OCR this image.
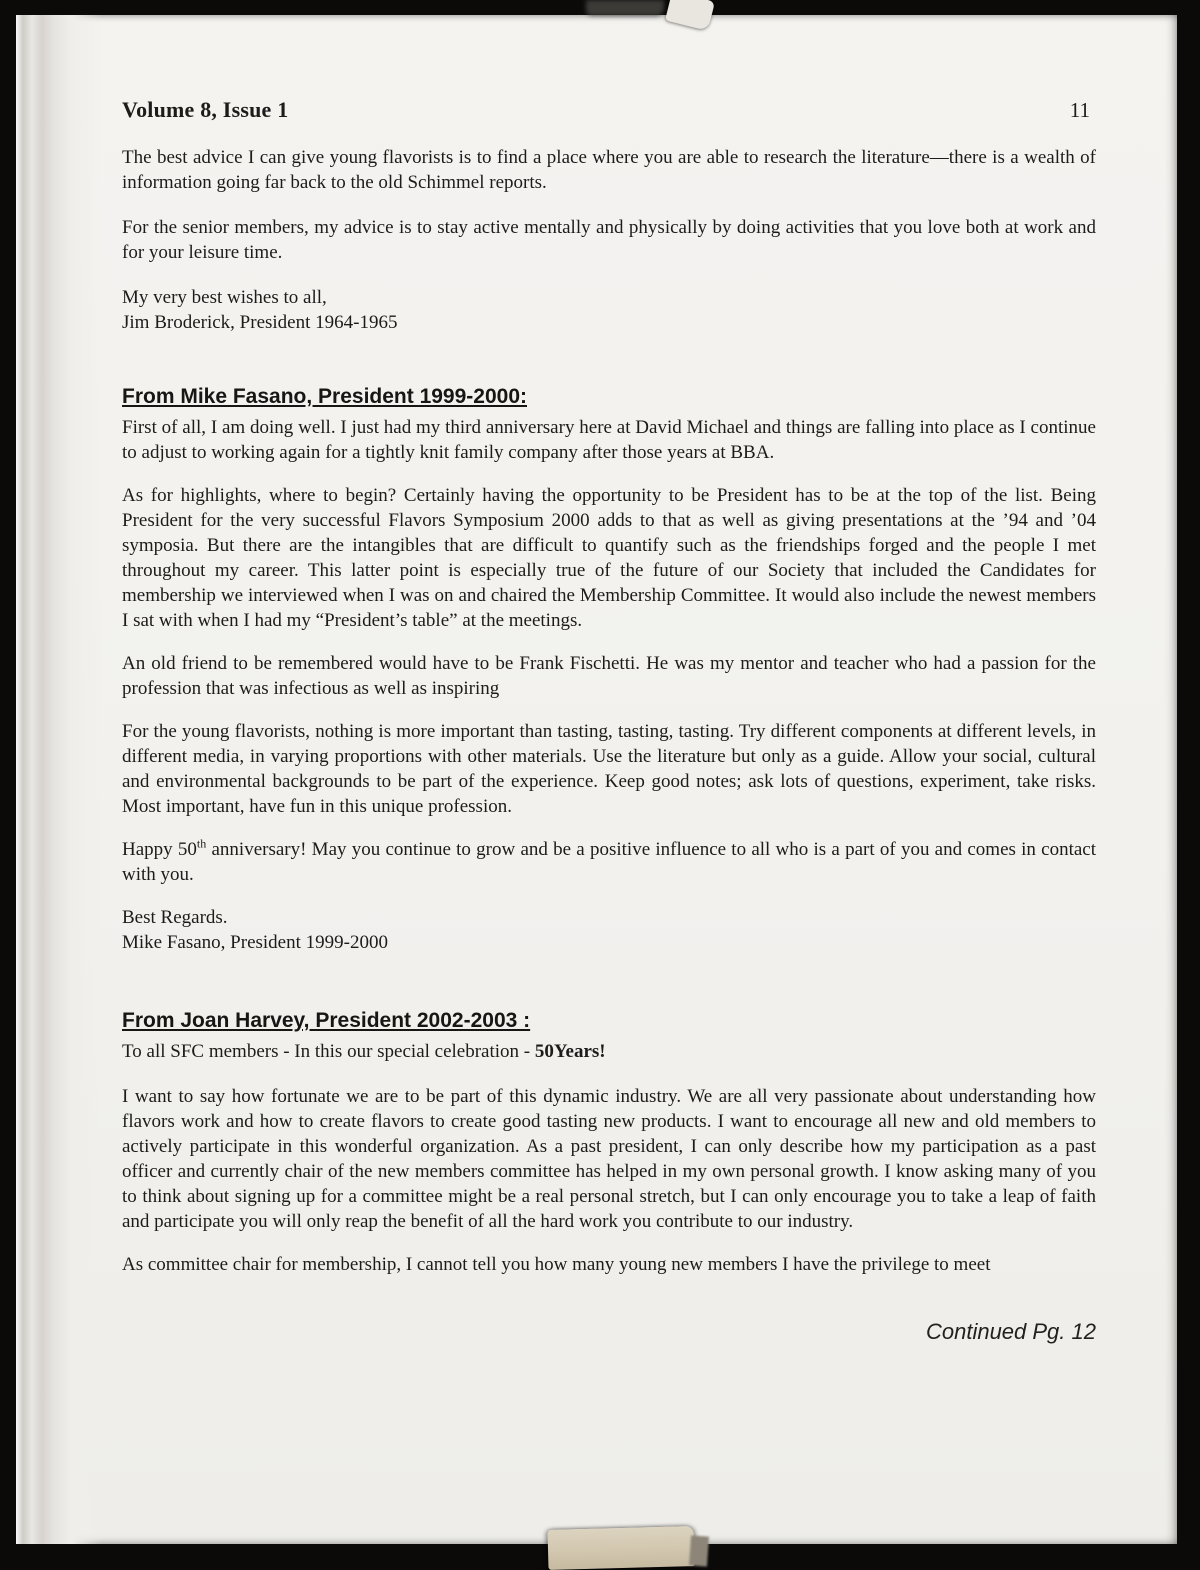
Volume 8, Issue 1	11

The best advice I can give young flavorists is to find a place where you are able to research the literature—there is a wealth of information going far back to the old Schimmel reports.

For the senior members, my advice is to stay active mentally and physically by doing activities that you love both at work and for your leisure time.

My very best wishes to all,

Jim Broderick, President 1964-1965

From Mike Fasano, President 1999-2000:

First of all, I am doing well. I just had my third anniversary here at David Michael and things are falling into place as I continue to adjust to working again for a tightly knit family company after those years at BBA.

As for highlights, where to begin? Certainly having the opportunity to be President has to be at the top of the list. Being President for the very successful Flavors Symposium 2000 adds to that as well as giving presentations at the ’94 and ’04 symposia. But there are the intangibles that are difficult to quantify such as the friendships forged and the people I met throughout my career. This latter point is especially true of the future of our Society that included the Candidates for membership we interviewed when I was on and chaired the Membership Committee. It would also include the newest members I sat with when I had my “President’s table” at the meetings.

An old friend to be remembered would have to be Frank Fischetti. He was my mentor and teacher who had a passion for the profession that was infectious as well as inspiring

For the young flavorists, nothing is more important than tasting, tasting, tasting. Try different components at different levels, in different media, in varying proportions with other materials. Use the literature but only as a guide. Allow your social, cultural and environmental backgrounds to be part of the experience. Keep good notes; ask lots of questions, experiment, take risks. Most important, have fun in this unique profession.

Happy 50th anniversary! May you continue to grow and be a positive influence to all who is a part of you and comes in contact with you.

Best Regards.

Mike Fasano, President 1999-2000

From Joan Harvey, President 2002-2003 :

To all SFC members - In this our special celebration - 50Years!

I want to say how fortunate we are to be part of this dynamic industry. We are all very passionate about understanding how flavors work and how to create flavors to create good tasting new products. I want to encourage all new and old members to actively participate in this wonderful organization. As a past president, I can only describe how my participation as a past officer and currently chair of the new members committee has helped in my own personal growth. I know asking many of you to think about signing up for a committee might be a real personal stretch, but I can only encourage you to take a leap of faith and participate you will only reap the benefit of all the hard work you contribute to our industry.

As committee chair for membership, I cannot tell you how many young new members I have the privilege to meet

Continued Pg. 12
